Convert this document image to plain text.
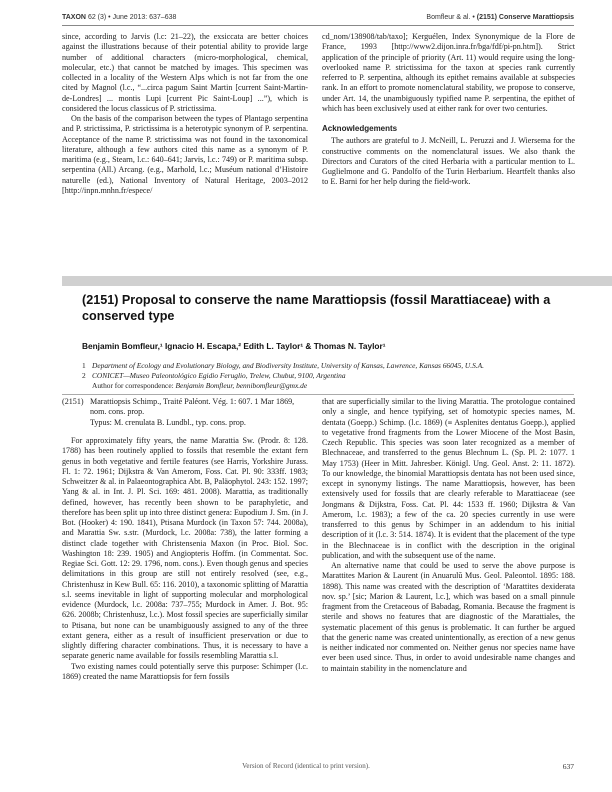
TAXON 62 (3) • June 2013: 637–638	Bomfleur & al. • (2151) Conserve Marattiopsis

since, according to Jarvis (l.c: 21–22), the exsiccata are better choices against the illustrations because of their potential ability to provide large number of additional characters (micro-morphological, chemical, molecular, etc.) that cannot be matched by images. This specimen was collected in a locality of the Western Alps which is not far from the one cited by Magnol (l.c., “...circa pagum Saint Martin [current Saint-Martin-de-Londres] ... montis Lupi [current Pic Saint-Loup] ...”), which is considered the locus classicus of P. strictissima.

On the basis of the comparison between the types of Plantago serpentina and P. strictissima, P. strictissima is a heterotypic synonym of P. serpentina. Acceptance of the name P. strictissima was not found in the taxonomical literature, although a few authors cited this name as a synonym of P. maritima (e.g., Stearn, l.c.: 640–641; Jarvis, l.c.: 749) or P. maritima subsp. serpentina (All.) Arcang. (e.g., Marhold, l.c.; Muséum national d’Histoire naturelle (ed.), National Inventory of Natural Heritage, 2003–2012 [http://inpn.mnhn.fr/espece/

cd_nom/138908/tab/taxo]; Kerguélen, Index Synonymique de la Flore de France, 1993 [http://www2.dijon.inra.fr/bga/fdf/pi-pn.htm]). Strict application of the principle of priority (Art. 11) would require using the long-overlooked name P. strictissima for the taxon at species rank currently referred to P. serpentina, although its epithet remains available at subspecies rank. In an effort to promote nomenclatural stability, we propose to conserve, under Art. 14, the unambiguously typified name P. serpentina, the epithet of which has been exclusively used at either rank for over two centuries.

Acknowledgements

The authors are grateful to J. McNeill, L. Peruzzi and J. Wiersema for the constructive comments on the nomenclatural issues. We also thank the Directors and Curators of the cited Herbaria with a particular mention to L. Guglielmone and G. Pandolfo of the Turin Herbarium. Heartfelt thanks also to E. Barni for her help during the field-work.

(2151) Proposal to conserve the name Marattiopsis (fossil Marattiaceae) with a conserved type
Benjamin Bomfleur,¹ Ignacio H. Escapa,² Edith L. Taylor¹ & Thomas N. Taylor¹
1 Department of Ecology and Evolutionary Biology, and Biodiversity Institute, University of Kansas, Lawrence, Kansas 66045, U.S.A.
2 CONICET—Museo Paleontológico Egidio Feruglio, Trelew, Chubut, 9100, Argentina
Author for correspondence: Benjamin Bomfleur, bennibomfleur@gmx.de
(2151) Marattiopsis Schimp., Traité Paléont. Vég. 1: 607. 1 Mar 1869, nom. cons. prop.
Typus: M. crenulata B. Lundbl., typ. cons. prop.

For approximately fifty years, the name Marattia Sw. (Prodr. 8: 128. 1788) has been routinely applied to fossils that resemble the extant fern genus in both vegetative and fertile features (see Harris, Yorkshire Jurass. Fl. 1: 72. 1961; Dijkstra & Van Amerom, Foss. Cat. Pl. 90: 333ff. 1983; Schweitzer & al. in Palaeontographica Abt. B, Paläophytol. 243: 152. 1997; Yang & al. in Int. J. Pl. Sci. 169: 481. 2008). Marattia, as traditionally defined, however, has recently been shown to be paraphyletic, and therefore has been split up into three distinct genera: Eupodium J. Sm. (in J. Bot. (Hooker) 4: 190. 1841), Ptisana Murdock (in Taxon 57: 744. 2008a), and Marattia Sw. s.str. (Murdock, l.c. 2008a: 738), the latter forming a distinct clade together with Christensenia Maxon (in Proc. Biol. Soc. Washington 18: 239. 1905) and Angiopteris Hoffm. (in Commentat. Soc. Regiae Sci. Gott. 12: 29. 1796, nom. cons.). Even though genus and species delimitations in this group are still not entirely resolved (see, e.g., Christenhusz in Kew Bull. 65: 116. 2010), a taxonomic splitting of Marattia s.l. seems inevitable in light of supporting molecular and morphological evidence (Murdock, l.c. 2008a: 737–755; Murdock in Amer. J. Bot. 95: 626. 2008b; Christenhusz, l.c.). Most fossil species are superficially similar to Ptisana, but none can be unambiguously assigned to any of the three extant genera, either as a result of insufficient preservation or due to slightly differing character combinations. Thus, it is necessary to have a separate generic name available for fossils resembling Marattia s.l.

Two existing names could potentially serve this purpose: Schimper (l.c. 1869) created the name Marattiopsis for fern fossils

that are superficially similar to the living Marattia. The protologue contained only a single, and hence typifying, set of homotypic species names, M. dentata (Goepp.) Schimp. (l.c. 1869) (≡ Asplenites dentatus Goepp.), applied to vegetative frond fragments from the Lower Miocene of the Most Basin, Czech Republic. This species was soon later recognized as a member of Blechnaceae, and transferred to the genus Blechnum L. (Sp. Pl. 2: 1077. 1 May 1753) (Heer in Mitt. Jahresber. Königl. Ung. Geol. Anst. 2: 11. 1872). To our knowledge, the binomial Marattiopsis dentata has not been used since, except in synonymy listings. The name Marattiopsis, however, has been extensively used for fossils that are clearly referable to Marattiaceae (see Jongmans & Dijkstra, Foss. Cat. Pl. 44: 1533 ff. 1960; Dijkstra & Van Amerom, l.c. 1983); a few of the ca. 20 species currently in use were transferred to this genus by Schimper in an addendum to his initial description of it (l.c. 3: 514. 1874). It is evident that the placement of the type in the Blechnaceae is in conflict with the description in the original publication, and with the subsequent use of the name.

An alternative name that could be used to serve the above purpose is Marattites Marion & Laurent (in Anuarulŭ Mus. Geol. Paleontol. 1895: 188. 1898). This name was created with the description of ‘Marattites dexiderata nov. sp.’ [sic; Marion & Laurent, l.c.], which was based on a small pinnule fragment from the Cretaceous of Babadag, Romania. Because the fragment is sterile and shows no features that are diagnostic of the Marattiales, the systematic placement of this genus is problematic. It can further be argued that the generic name was created unintentionally, as erection of a new genus is neither indicated nor commented on. Neither genus nor species name have ever been used since. Thus, in order to avoid undesirable name changes and to maintain stability in the nomenclature and

Version of Record (identical to print version).	637
